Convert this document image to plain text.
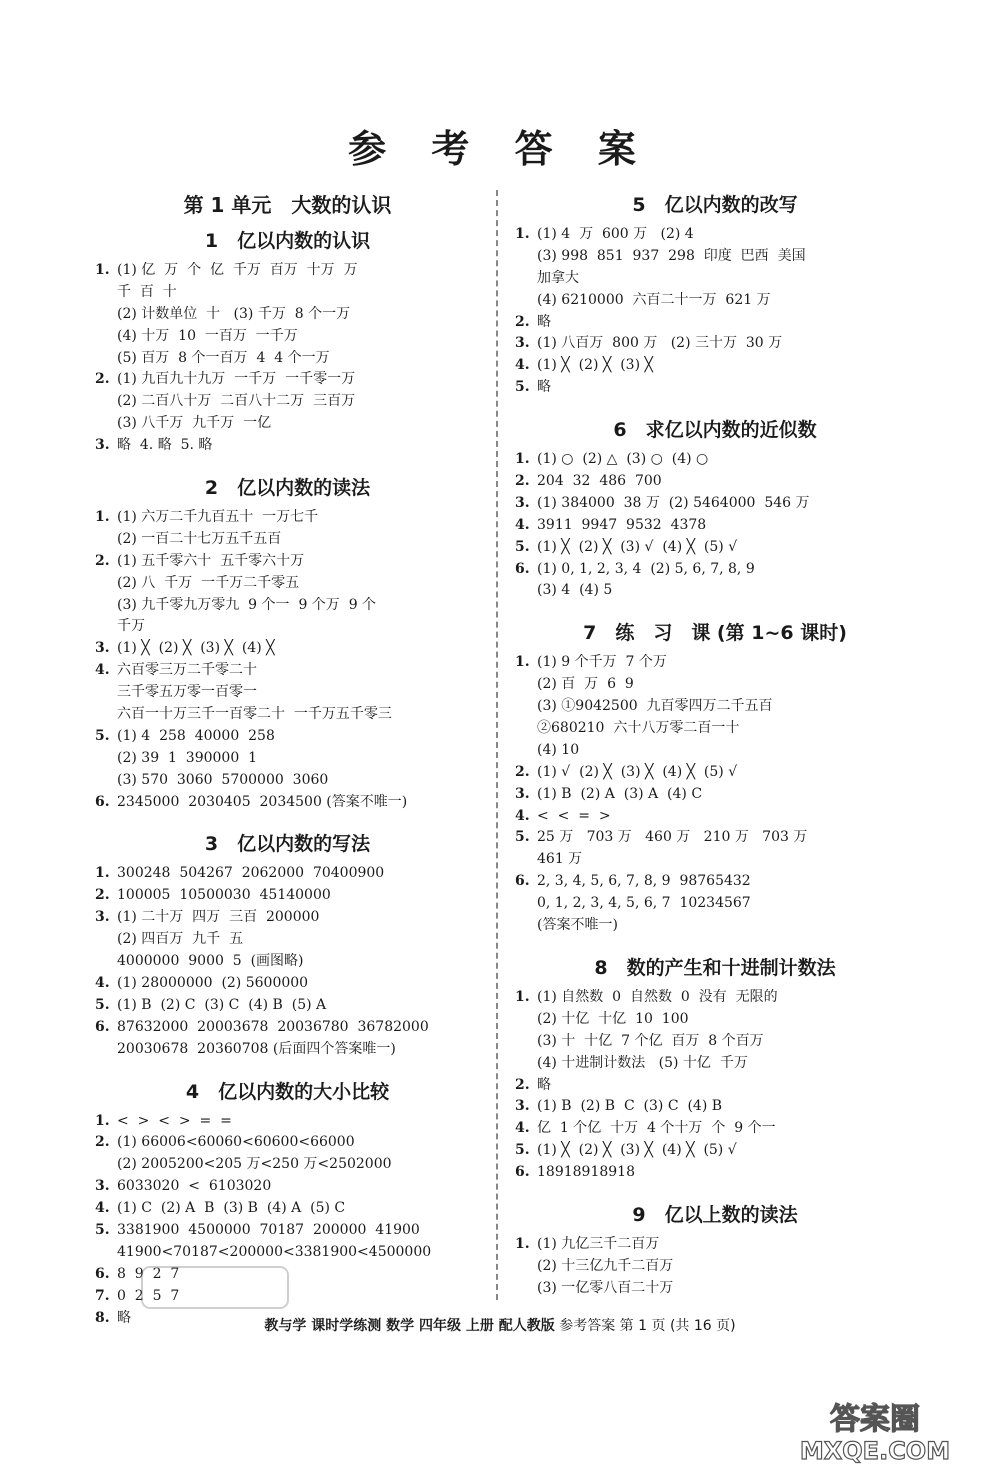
参 考 答 案
第 1 单元　大数的认识
1　亿以内数的认识
1. (1) 亿  万  个  亿  千万  百万  十万  万
千  百  十
(2) 计数单位  十   (3) 千万  8 个一万
(4) 十万  10  一百万  一千万
(5) 百万  8 个一百万  4  4 个一万
2. (1) 九百九十九万  一千万  一千零一万
(2) 二百八十万  二百八十二万  三百万
(3) 八千万  九千万  一亿
3. 略  4. 略  5. 略
2　亿以内数的读法
1. (1) 六万二千九百五十  一万七千
(2) 一百二十七万五千五百
2. (1) 五千零六十  五千零六十万
(2) 八  千万  一千万二千零五
(3) 九千零九万零九  9 个一  9 个万  9 个
千万
3. (1) ╳  (2) ╳  (3) ╳  (4) ╳
4. 六百零三万二千零二十
三千零五万零一百零一
六百一十万三千一百零二十  一千万五千零三
5. (1) 4  258  40000  258
(2) 39  1  390000  1
(3) 570  3060  5700000  3060
6. 2345000  2030405  2034500 (答案不唯一)
3　亿以内数的写法
1. 300248  504267  2062000  70400900
2. 100005  10500030  45140000
3. (1) 二十万  四万  三百  200000
(2) 四百万  九千  五
4000000  9000  5  (画图略)
4. (1) 28000000  (2) 5600000
5. (1) B  (2) C  (3) C  (4) B  (5) A
6. 87632000  20003678  20036780  36782000
20030678  20360708 (后面四个答案唯一)
4　亿以内数的大小比较
1. <  >  <  >  =  =
2. (1) 66006<60060<60600<66000
(2) 2005200<205 万<250 万<2502000
3. 6033020  <  6103020
4. (1) C  (2) A  B  (3) B  (4) A  (5) C
5. 3381900  4500000  70187  200000  41900
41900<70187<200000<3381900<4500000
6. 8  9  2  7
7. 0  2  5  7
8. 略
5　亿以内数的改写
1. (1) 4  万  600 万   (2) 4
(3) 998  851  937  298  印度  巴西  美国
加拿大
(4) 6210000  六百二十一万  621 万
2. 略
3. (1) 八百万  800 万   (2) 三十万  30 万
4. (1) ╳  (2) ╳  (3) ╳
5. 略
6　求亿以内数的近似数
1. (1) ○  (2) △  (3) ○  (4) ○
2. 204  32  486  700
3. (1) 384000  38 万  (2) 5464000  546 万
4. 3911  9947  9532  4378
5. (1) ╳  (2) ╳  (3) √  (4) ╳  (5) √
6. (1) 0, 1, 2, 3, 4  (2) 5, 6, 7, 8, 9
(3) 4  (4) 5
7　练　习　课 (第 1~6 课时)
1. (1) 9 个千万  7 个万
(2) 百  万  6  9
(3) ①9042500  九百零四万二千五百
②680210  六十八万零二百一十
(4) 10
2. (1) √  (2) ╳  (3) ╳  (4) ╳  (5) √
3. (1) B  (2) A  (3) A  (4) C
4. <  <  =  >
5. 25 万   703 万   460 万   210 万   703 万
461 万
6. 2, 3, 4, 5, 6, 7, 8, 9  98765432
0, 1, 2, 3, 4, 5, 6, 7  10234567
(答案不唯一)
8　数的产生和十进制计数法
1. (1) 自然数  0  自然数  0  没有  无限的
(2) 十亿  十亿  10  100
(3) 十  十亿  7 个亿  百万  8 个百万
(4) 十进制计数法   (5) 十亿  千万
2. 略
3. (1) B  (2) B  C  (3) C  (4) B
4. 亿  1 个亿  十万  4 个十万  个  9 个一
5. (1) ╳  (2) ╳  (3) ╳  (4) ╳  (5) √
6. 18918918918
9　亿以上数的读法
1. (1) 九亿三千二百万
(2) 十三亿九千二百万
(3) 一亿零八百二十万
教与学 课时学练测 数学 四年级 上册 配人教版 参考答案 第 1 页 (共 16 页)
答案圈
MXQE.COM
